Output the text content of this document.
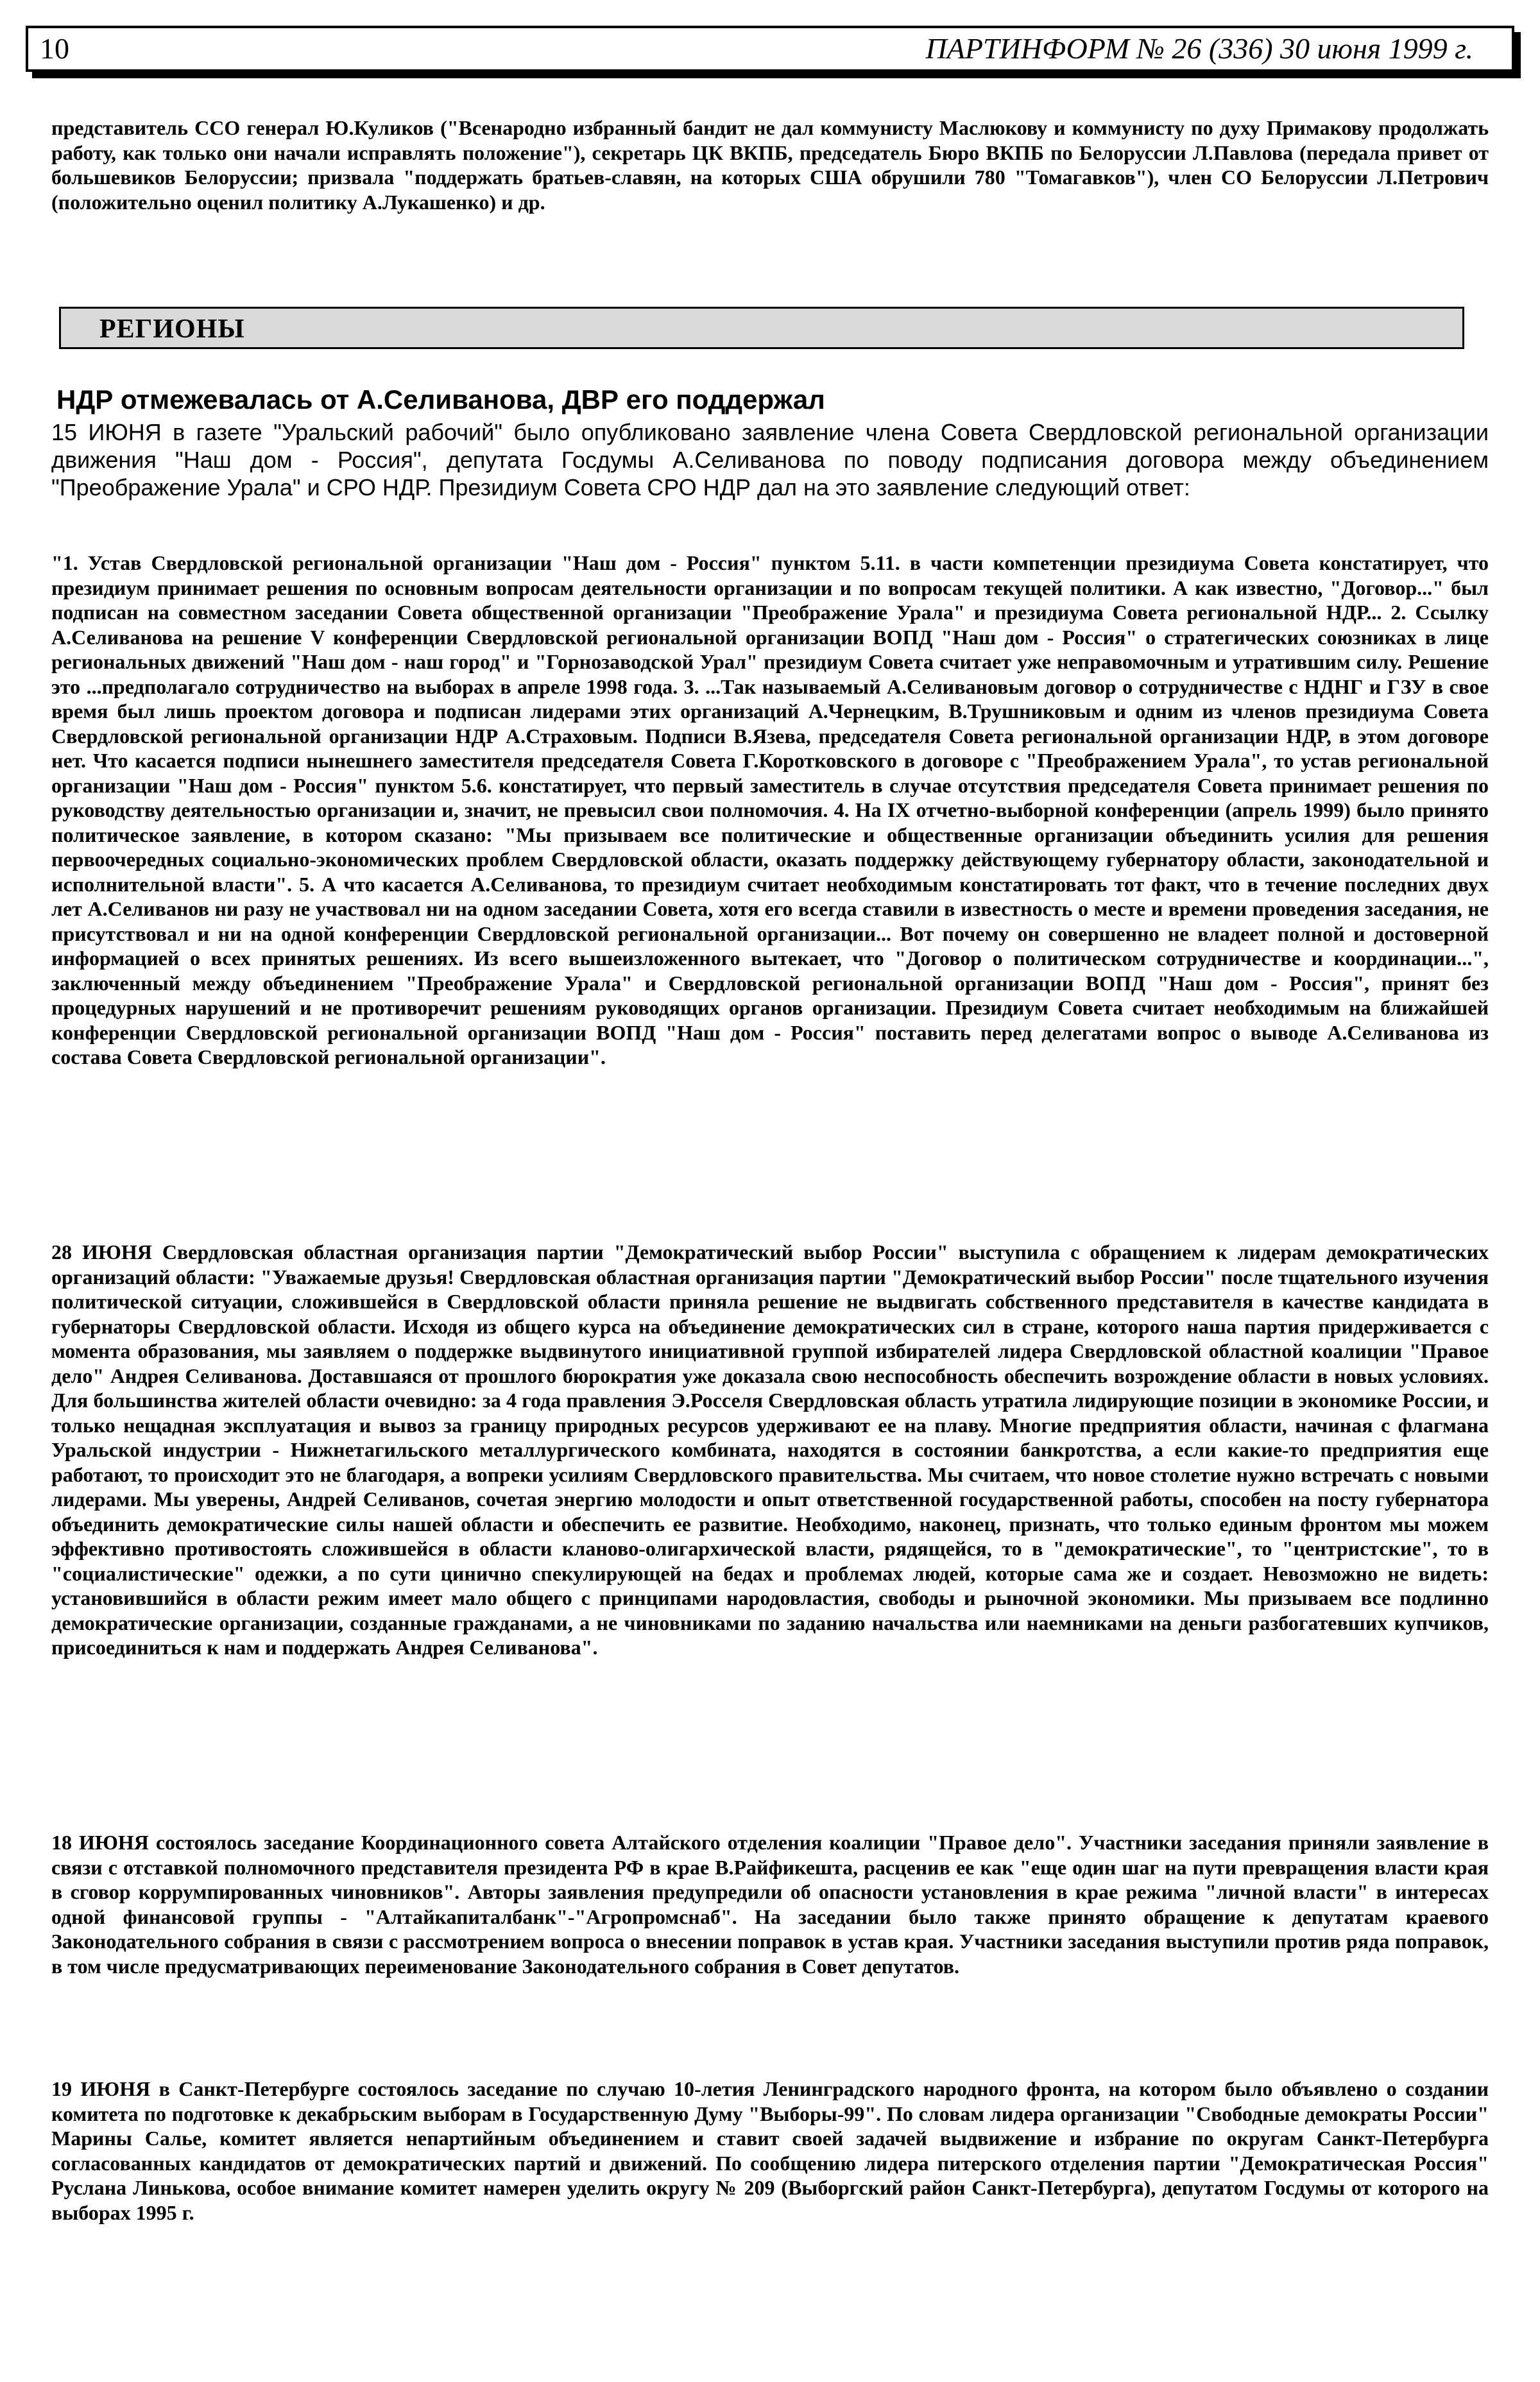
10	ПАРТИНФОРМ № 26 (336) 30 июня 1999 г.

представитель ССО генерал Ю.Куликов ("Всенародно избранный бандит не дал коммунисту Маслюкову и коммунисту по духу Примакову продолжать работу, как только они начали исправлять положение"), секретарь ЦК ВКПБ, председатель Бюро ВКПБ по Белоруссии Л.Павлова (передала привет от большевиков Белоруссии; призвала "поддержать братьев-славян, на которых США обрушили 780 "Томагавков"), член СО Белоруссии Л.Петрович (положительно оценил политику А.Лукашенко) и др.

РЕГИОНЫ
НДР отмежевалась от А.Селиванова, ДВР его поддержал

15 ИЮНЯ в газете "Уральский рабочий" было опубликовано заявление члена Совета Свердловской региональной организации движения "Наш дом - Россия", депутата Госдумы А.Селиванова по поводу подписания договора между объединением "Преображение Урала" и СРО НДР. Президиум Совета СРО НДР дал на это заявление следующий ответ:

"1. Устав Свердловской региональной организации "Наш дом - Россия" пунктом 5.11. в части компетенции президиума Совета констатирует, что президиум принимает решения по основным вопросам деятельности организации и по вопросам текущей политики. А как известно, "Договор..." был подписан на совместном заседании Совета общественной организации "Преображение Урала" и президиума Совета региональной НДР... 2. Ссылку А.Селиванова на решение V конференции Свердловской региональной организации ВОПД "Наш дом - Россия" о стратегических союзниках в лице региональных движений "Наш дом - наш город" и "Горнозаводской Урал" президиум Совета считает уже неправомочным и утратившим силу. Решение это ...предполагало сотрудничество на выборах в апреле 1998 года. 3. ...Так называемый А.Селивановым договор о сотрудничестве с НДНГ и ГЗУ в свое время был лишь проектом договора и подписан лидерами этих организаций А.Чернецким, В.Трушниковым и одним из членов президиума Совета Свердловской региональной организации НДР А.Страховым. Подписи В.Язева, председателя Совета региональной организации НДР, в этом договоре нет. Что касается подписи нынешнего заместителя председателя Совета Г.Коротковского в договоре с "Преображением Урала", то устав региональной организации "Наш дом - Россия" пунктом 5.6. констатирует, что первый заместитель в случае отсутствия председателя Совета принимает решения по руководству деятельностью организации и, значит, не превысил свои полномочия. 4. На IX отчетно-выборной конференции (апрель 1999) было принято политическое заявление, в котором сказано: "Мы призываем все политические и общественные организации объединить усилия для решения первоочередных социально-экономических проблем Свердловской области, оказать поддержку действующему губернатору области, законодательной и исполнительной власти". 5. А что касается А.Селиванова, то президиум считает необходимым констатировать тот факт, что в течение последних двух лет А.Селиванов ни разу не участвовал ни на одном заседании Совета, хотя его всегда ставили в известность о месте и времени проведения заседания, не присутствовал и ни на одной конференции Свердловской региональной организации... Вот почему он совершенно не владеет полной и достоверной информацией о всех принятых решениях. Из всего вышеизложенного вытекает, что "Договор о политическом сотрудничестве и координации...", заключенный между объединением "Преображение Урала" и Свердловской региональной организации ВОПД "Наш дом - Россия", принят без процедурных нарушений и не противоречит решениям руководящих органов организации. Президиум Совета считает необходимым на ближайшей конференции Свердловской региональной организации ВОПД "Наш дом - Россия" поставить перед делегатами вопрос о выводе А.Селиванова из состава Совета Свердловской региональной организации".

28 ИЮНЯ Свердловская областная организация партии "Демократический выбор России" выступила с обращением к лидерам демократических организаций области: "Уважаемые друзья! Свердловская областная организация партии "Демократический выбор России" после тщательного изучения политической ситуации, сложившейся в Свердловской области приняла решение не выдвигать собственного представителя в качестве кандидата в губернаторы Свердловской области. Исходя из общего курса на объединение демократических сил в стране, которого наша партия придерживается с момента образования, мы заявляем о поддержке выдвинутого инициативной группой избирателей лидера Свердловской областной коалиции "Правое дело" Андрея Селиванова. Доставшаяся от прошлого бюрократия уже доказала свою неспособность обеспечить возрождение области в новых условиях. Для большинства жителей области очевидно: за 4 года правления Э.Росселя Свердловская область утратила лидирующие позиции в экономике России, и только нещадная эксплуатация и вывоз за границу природных ресурсов удерживают ее на плаву. Многие предприятия области, начиная с флагмана Уральской индустрии - Нижнетагильского металлургического комбината, находятся в состоянии банкротства, а если какие-то предприятия еще работают, то происходит это не благодаря, а вопреки усилиям Свердловского правительства. Мы считаем, что новое столетие нужно встречать с новыми лидерами. Мы уверены, Андрей Селиванов, сочетая энергию молодости и опыт ответственной государственной работы, способен на посту губернатора объединить демократические силы нашей области и обеспечить ее развитие. Необходимо, наконец, признать, что только единым фронтом мы можем эффективно противостоять сложившейся в области клановo-олигархической власти, рядящейся, то в "демократические", то "центристские", то в "социалистические" одежки, а по сути цинично спекулирующей на бедах и проблемах людей, которые сама же и создает. Невозможно не видеть: установившийся в области режим имеет мало общего с принципами народовластия, свободы и рыночной экономики. Мы призываем все подлинно демократические организации, созданные гражданами, а не чиновниками по заданию начальства или наемниками на деньги разбогатевших купчиков, присоединиться к нам и поддержать Андрея Селиванова".

18 ИЮНЯ состоялось заседание Координационного совета Алтайского отделения коалиции "Правое дело". Участники заседания приняли заявление в связи с отставкой полномочного представителя президента РФ в крае В.Райфикешта, расценив ее как "еще один шаг на пути превращения власти края в сговор коррумпированных чиновников". Авторы заявления предупредили об опасности установления в крае режима "личной власти" в интересах одной финансовой группы - "Алтайкапиталбанк"-"Агропромснаб". На заседании было также принято обращение к депутатам краевого Законодательного собрания в связи с рассмотрением вопроса о внесении поправок в устав края. Участники заседания выступили против ряда поправок, в том числе предусматривающих переименование Законодательного собрания в Совет депутатов.

19 ИЮНЯ в Санкт-Петербурге состоялось заседание по случаю 10-летия Ленинградского народного фронта, на котором было объявлено о создании комитета по подготовке к декабрьским выборам в Государственную Думу "Выборы-99". По словам лидера организации "Свободные демократы России" Марины Салье, комитет является непартийным объединением и ставит своей задачей выдвижение и избрание по округам Санкт-Петербурга согласованных кандидатов от демократических партий и движений. По сообщению лидера питерского отделения партии "Демократическая Россия" Руслана Линькова, особое внимание комитет намерен уделить округу № 209 (Выборгский район Санкт-Петербурга), депутатом Госдумы от которого на выборах 1995 г.
